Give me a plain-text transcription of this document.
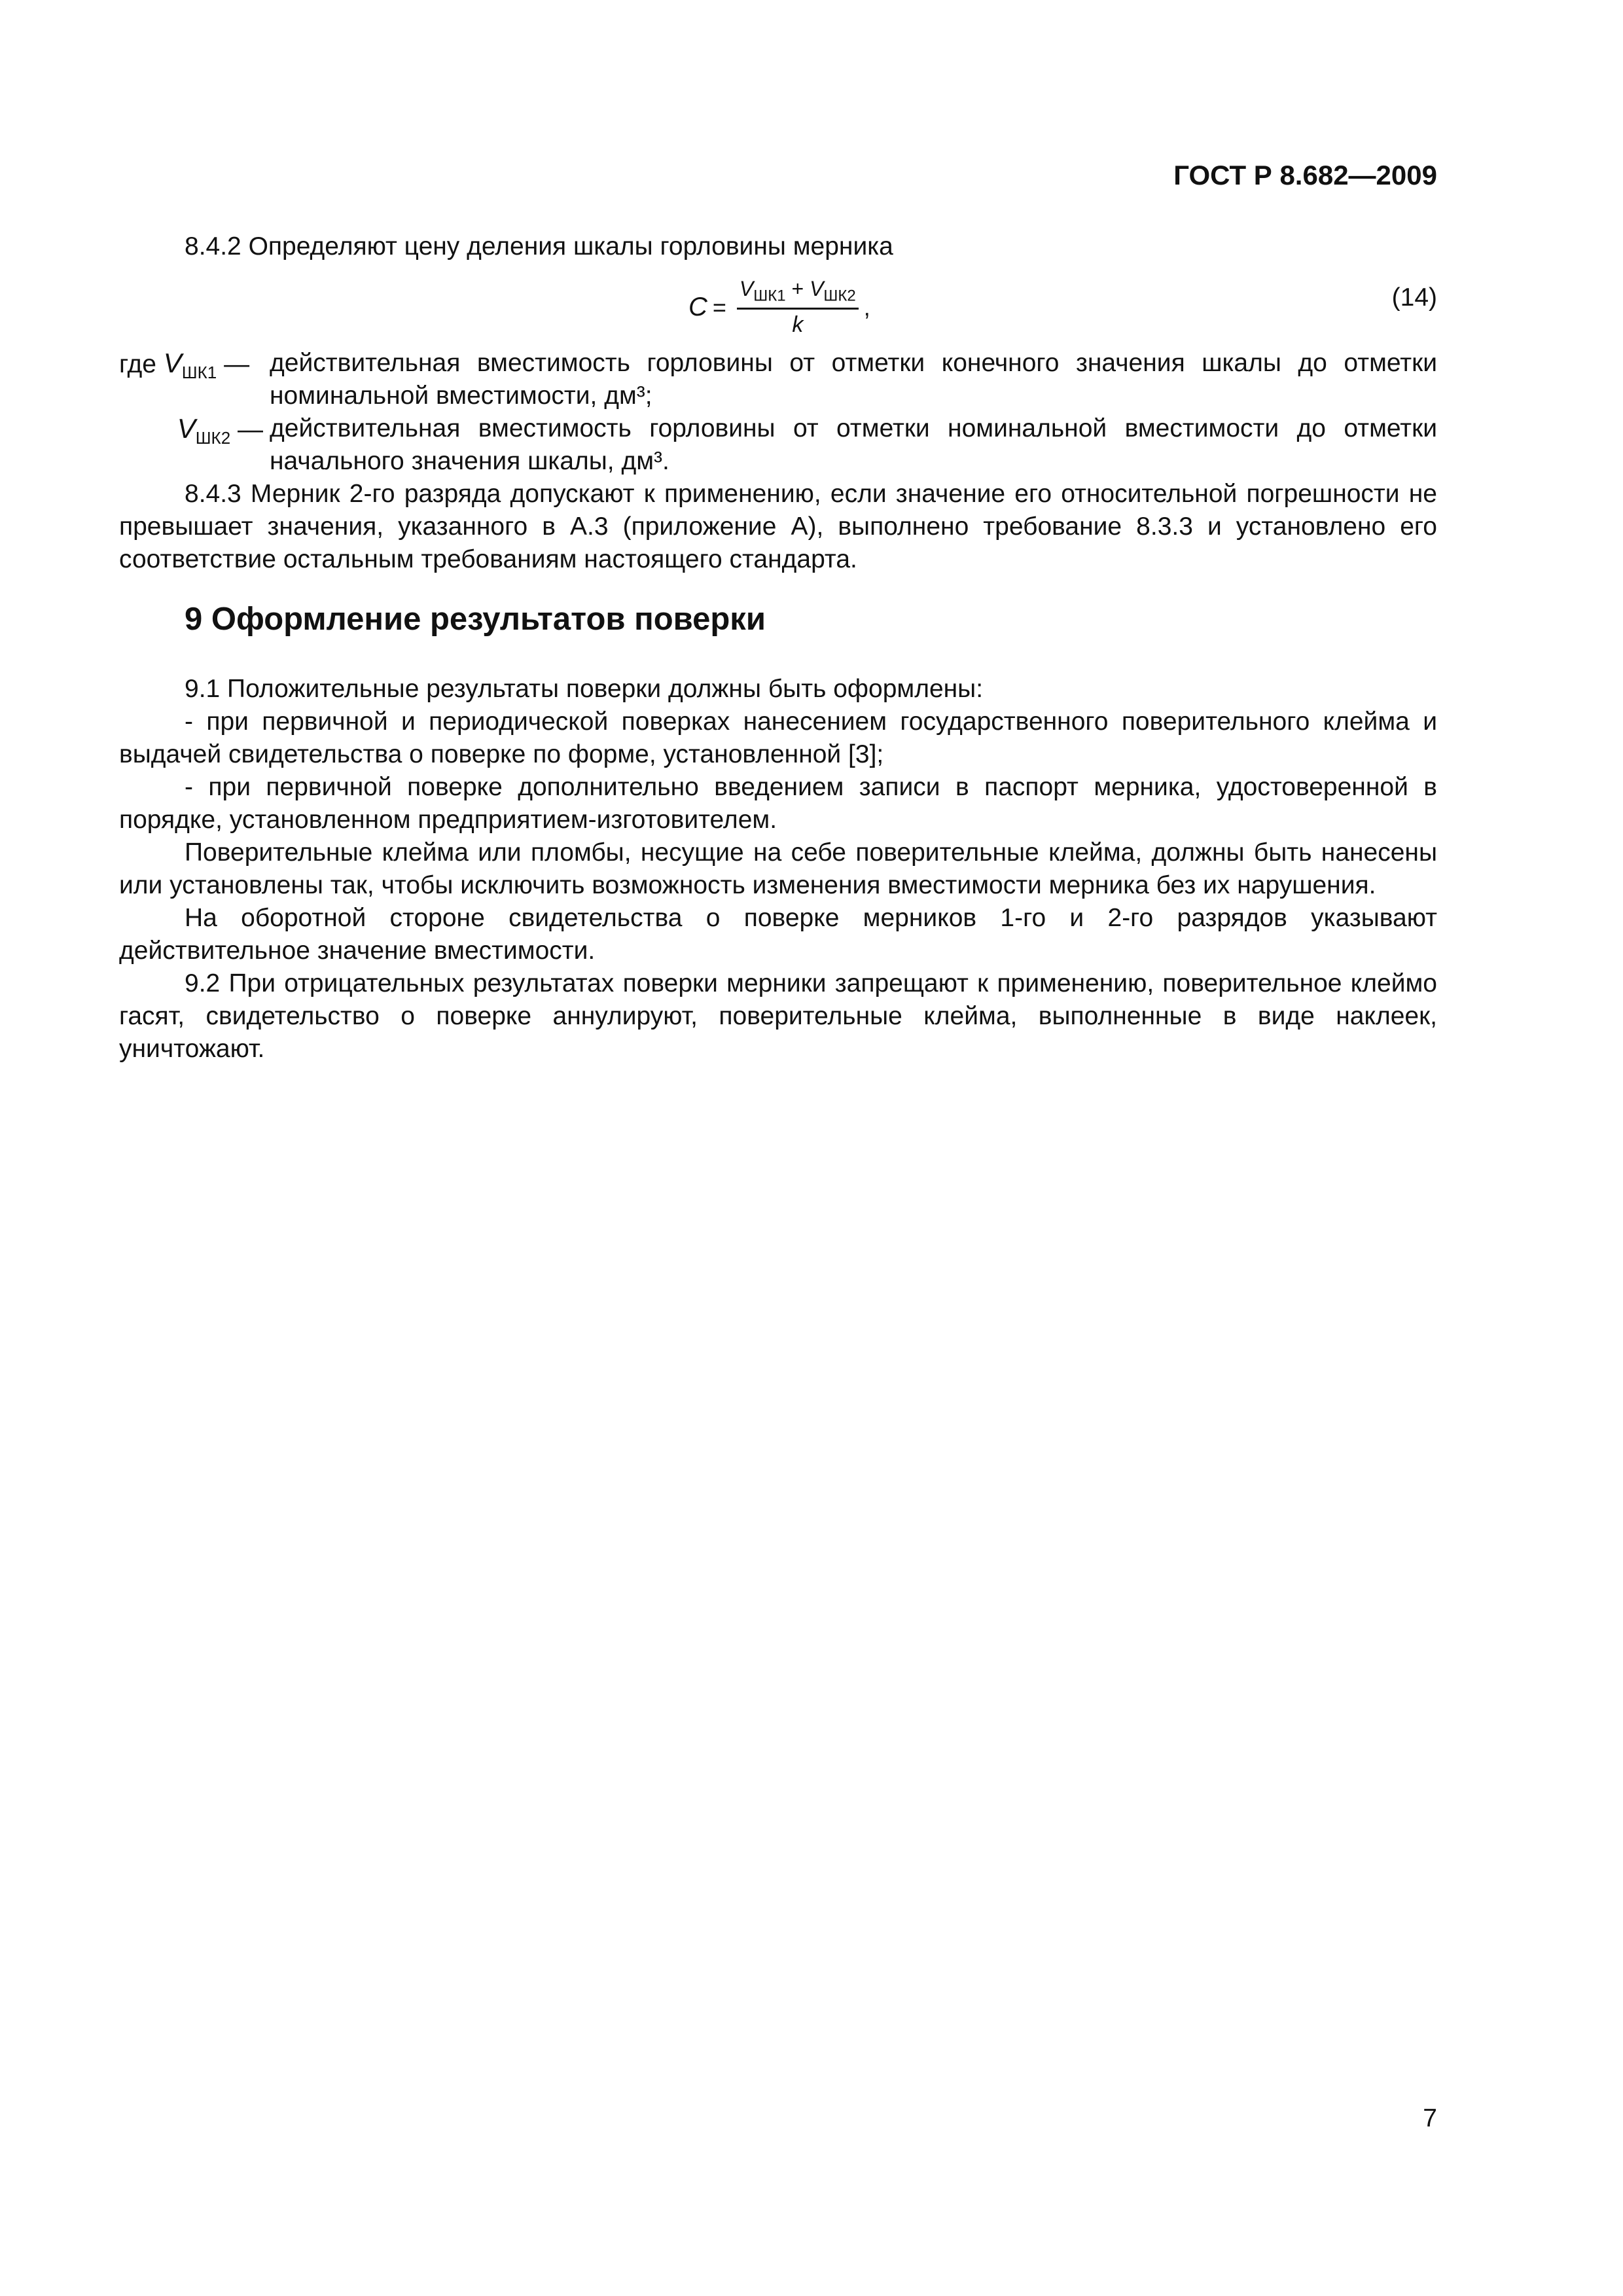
ГОСТ Р 8.682—2009

8.4.2 Определяют цену деления шкалы горловины мерника

$C = \frac{V_{ШК1} + V_{ШК2}}{k}$ ,	(14)
где $V_{ШК1}$ — действительная вместимость горловины от отметки конечного значения шкалы до отметки номинальной вместимости, дм³;
$V_{ШК2}$ — действительная вместимость горловины от отметки номинальной вместимости до отметки начального значения шкалы, дм³.

8.4.3 Мерник 2-го разряда допускают к применению, если значение его относительной погрешности не превышает значения, указанного в А.3 (приложение А), выполнено требование 8.3.3 и установлено его соответствие остальным требованиям настоящего стандарта.

9 Оформление результатов поверки

9.1 Положительные результаты поверки должны быть оформлены:

- при первичной и периодической поверках нанесением государственного поверительного клейма и выдачей свидетельства о поверке по форме, установленной [3];

- при первичной поверке дополнительно введением записи в паспорт мерника, удостоверенной в порядке, установленном предприятием-изготовителем.

Поверительные клейма или пломбы, несущие на себе поверительные клейма, должны быть нанесены или установлены так, чтобы исключить возможность изменения вместимости мерника без их нарушения.

На оборотной стороне свидетельства о поверке мерников 1-го и 2-го разрядов указывают действительное значение вместимости.

9.2 При отрицательных результатах поверки мерники запрещают к применению, поверительное клеймо гасят, свидетельство о поверке аннулируют, поверительные клейма, выполненные в виде наклеек, уничтожают.

7
